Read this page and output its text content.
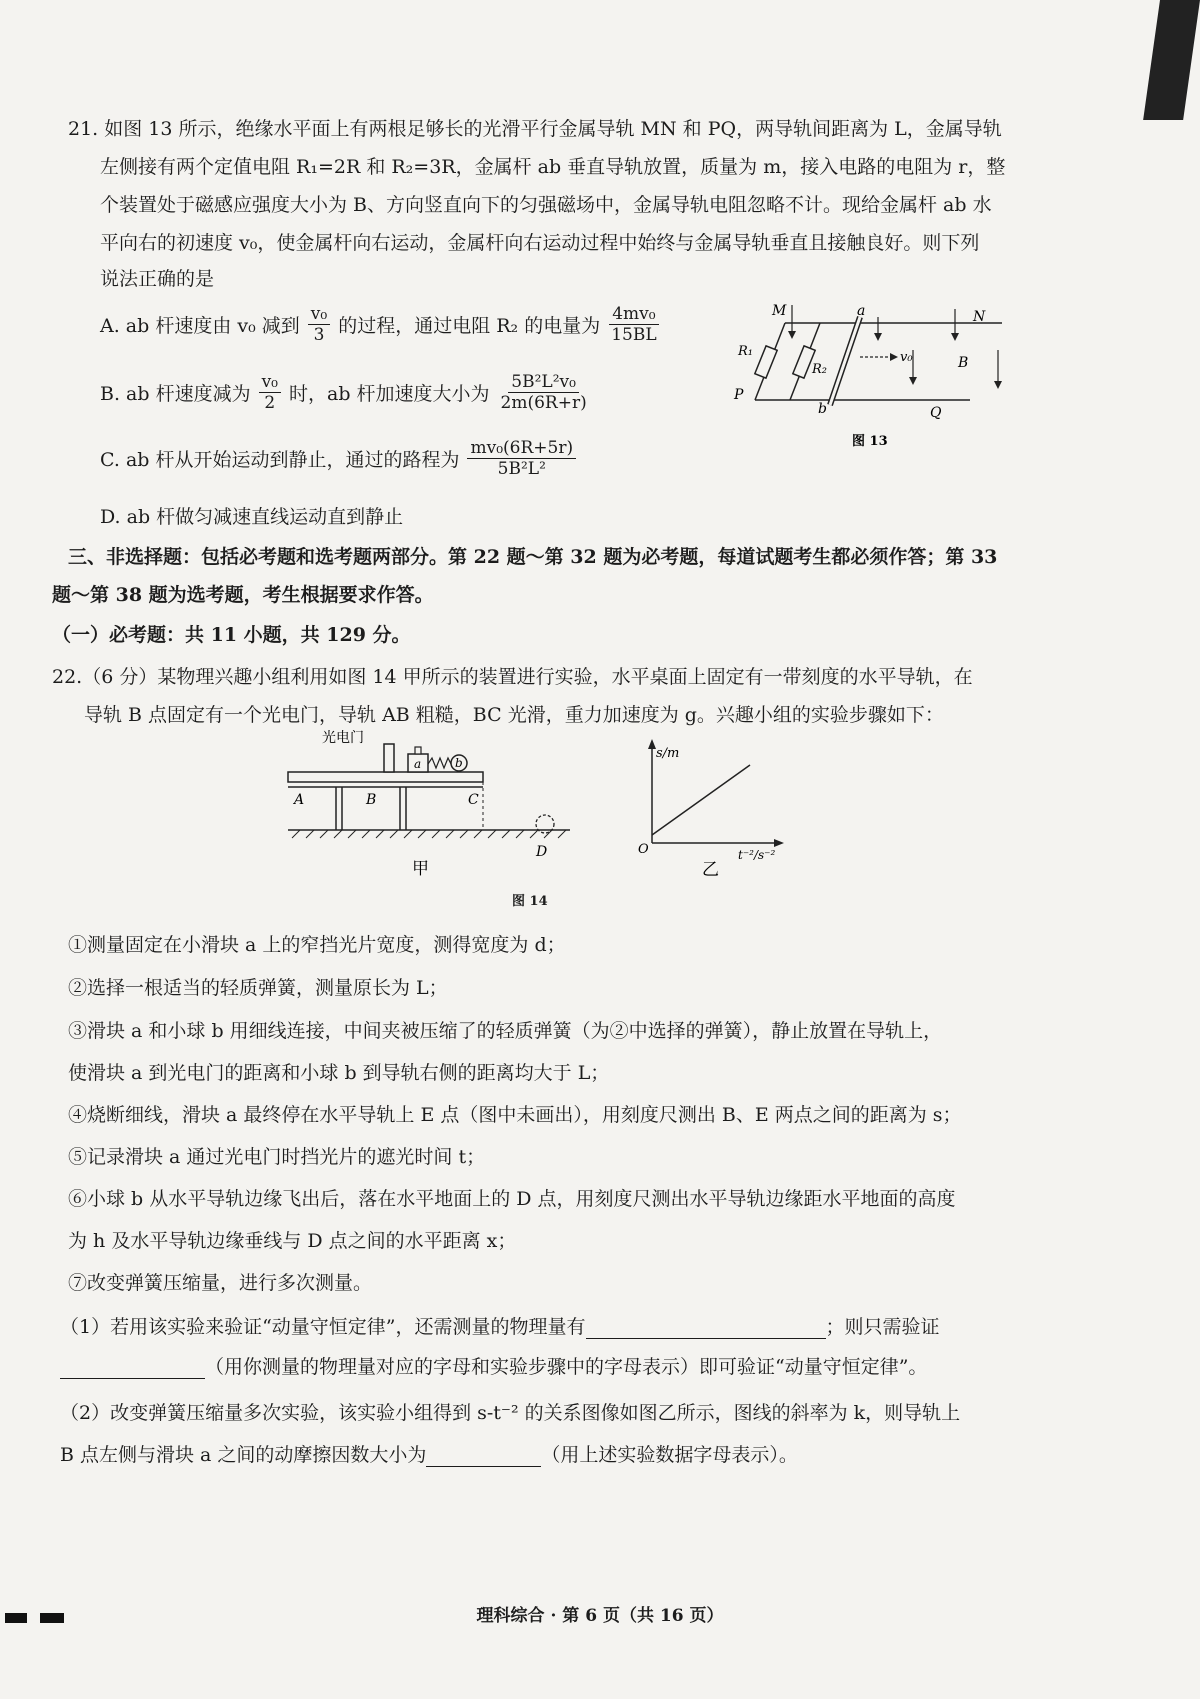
21. 如图 13 所示，绝缘水平面上有两根足够长的光滑平行金属导轨 MN 和 PQ，两导轨间距离为 L，金属导轨
左侧接有两个定值电阻 R₁=2R 和 R₂=3R，金属杆 ab 垂直导轨放置，质量为 m，接入电路的电阻为 r，整
个装置处于磁感应强度大小为 B、方向竖直向下的匀强磁场中，金属导轨电阻忽略不计。现给金属杆 ab 水
平向右的初速度 v₀，使金属杆向右运动，金属杆向右运动过程中始终与金属导轨垂直且接触良好。则下列
说法正确的是
A. ab 杆速度由 v₀ 减到 $\frac{\text{v₀}}{3}$ 的过程，通过电阻 R₂ 的电量为 $\frac{\text{4mv₀}}{15BL}$
B. ab 杆速度减为 $\frac{\text{v₀}}{2}$ 时，ab 杆加速度大小为 $\frac{\text{5B²L²v₀}}{2m(6R+r)}$
C. ab 杆从开始运动到静止，通过的路程为 $\frac{\text{mv₀(6R+5r)}}{\text{5B²L²}}$
D. ab 杆做匀减速直线运动直到静止
M	N
P
Q
a
b
R₁
R₂
v₀	B
图 13
三、非选择题：包括必考题和选考题两部分。第 22 题～第 32 题为必考题，每道试题考生都必须作答；第 33
题～第 38 题为选考题，考生根据要求作答。
（一）必考题：共 11 小题，共 129 分。
22.（6 分）某物理兴趣小组利用如图 14 甲所示的装置进行实验，水平桌面上固定有一带刻度的水平导轨，在
导轨 B 点固定有一个光电门，导轨 AB 粗糙，BC 光滑，重力加速度为 g。兴趣小组的实验步骤如下：
光电门
a	b
A	B	C
D
甲
s/m
t⁻²/s⁻²
O
乙
图 14
①测量固定在小滑块 a 上的窄挡光片宽度，测得宽度为 d；
②选择一根适当的轻质弹簧，测量原长为 L；
③滑块 a 和小球 b 用细线连接，中间夹被压缩了的轻质弹簧（为②中选择的弹簧），静止放置在导轨上，
使滑块 a 到光电门的距离和小球 b 到导轨右侧的距离均大于 L；
④烧断细线，滑块 a 最终停在水平导轨上 E 点（图中未画出），用刻度尺测出 B、E 两点之间的距离为 s；
⑤记录滑块 a 通过光电门时挡光片的遮光时间 t；
⑥小球 b 从水平导轨边缘飞出后，落在水平地面上的 D 点，用刻度尺测出水平导轨边缘距水平地面的高度
为 h 及水平导轨边缘垂线与 D 点之间的水平距离 x；
⑦改变弹簧压缩量，进行多次测量。
（1）若用该实验来验证“动量守恒定律”，还需测量的物理量有	；则只需验证
（用你测量的物理量对应的字母和实验步骤中的字母表示）即可验证“动量守恒定律”。
（2）改变弹簧压缩量多次实验，该实验小组得到 s-t⁻² 的关系图像如图乙所示，图线的斜率为 k，则导轨上
B 点左侧与滑块 a 之间的动摩擦因数大小为	（用上述实验数据字母表示）。
理科综合 · 第 6 页（共 16 页）
